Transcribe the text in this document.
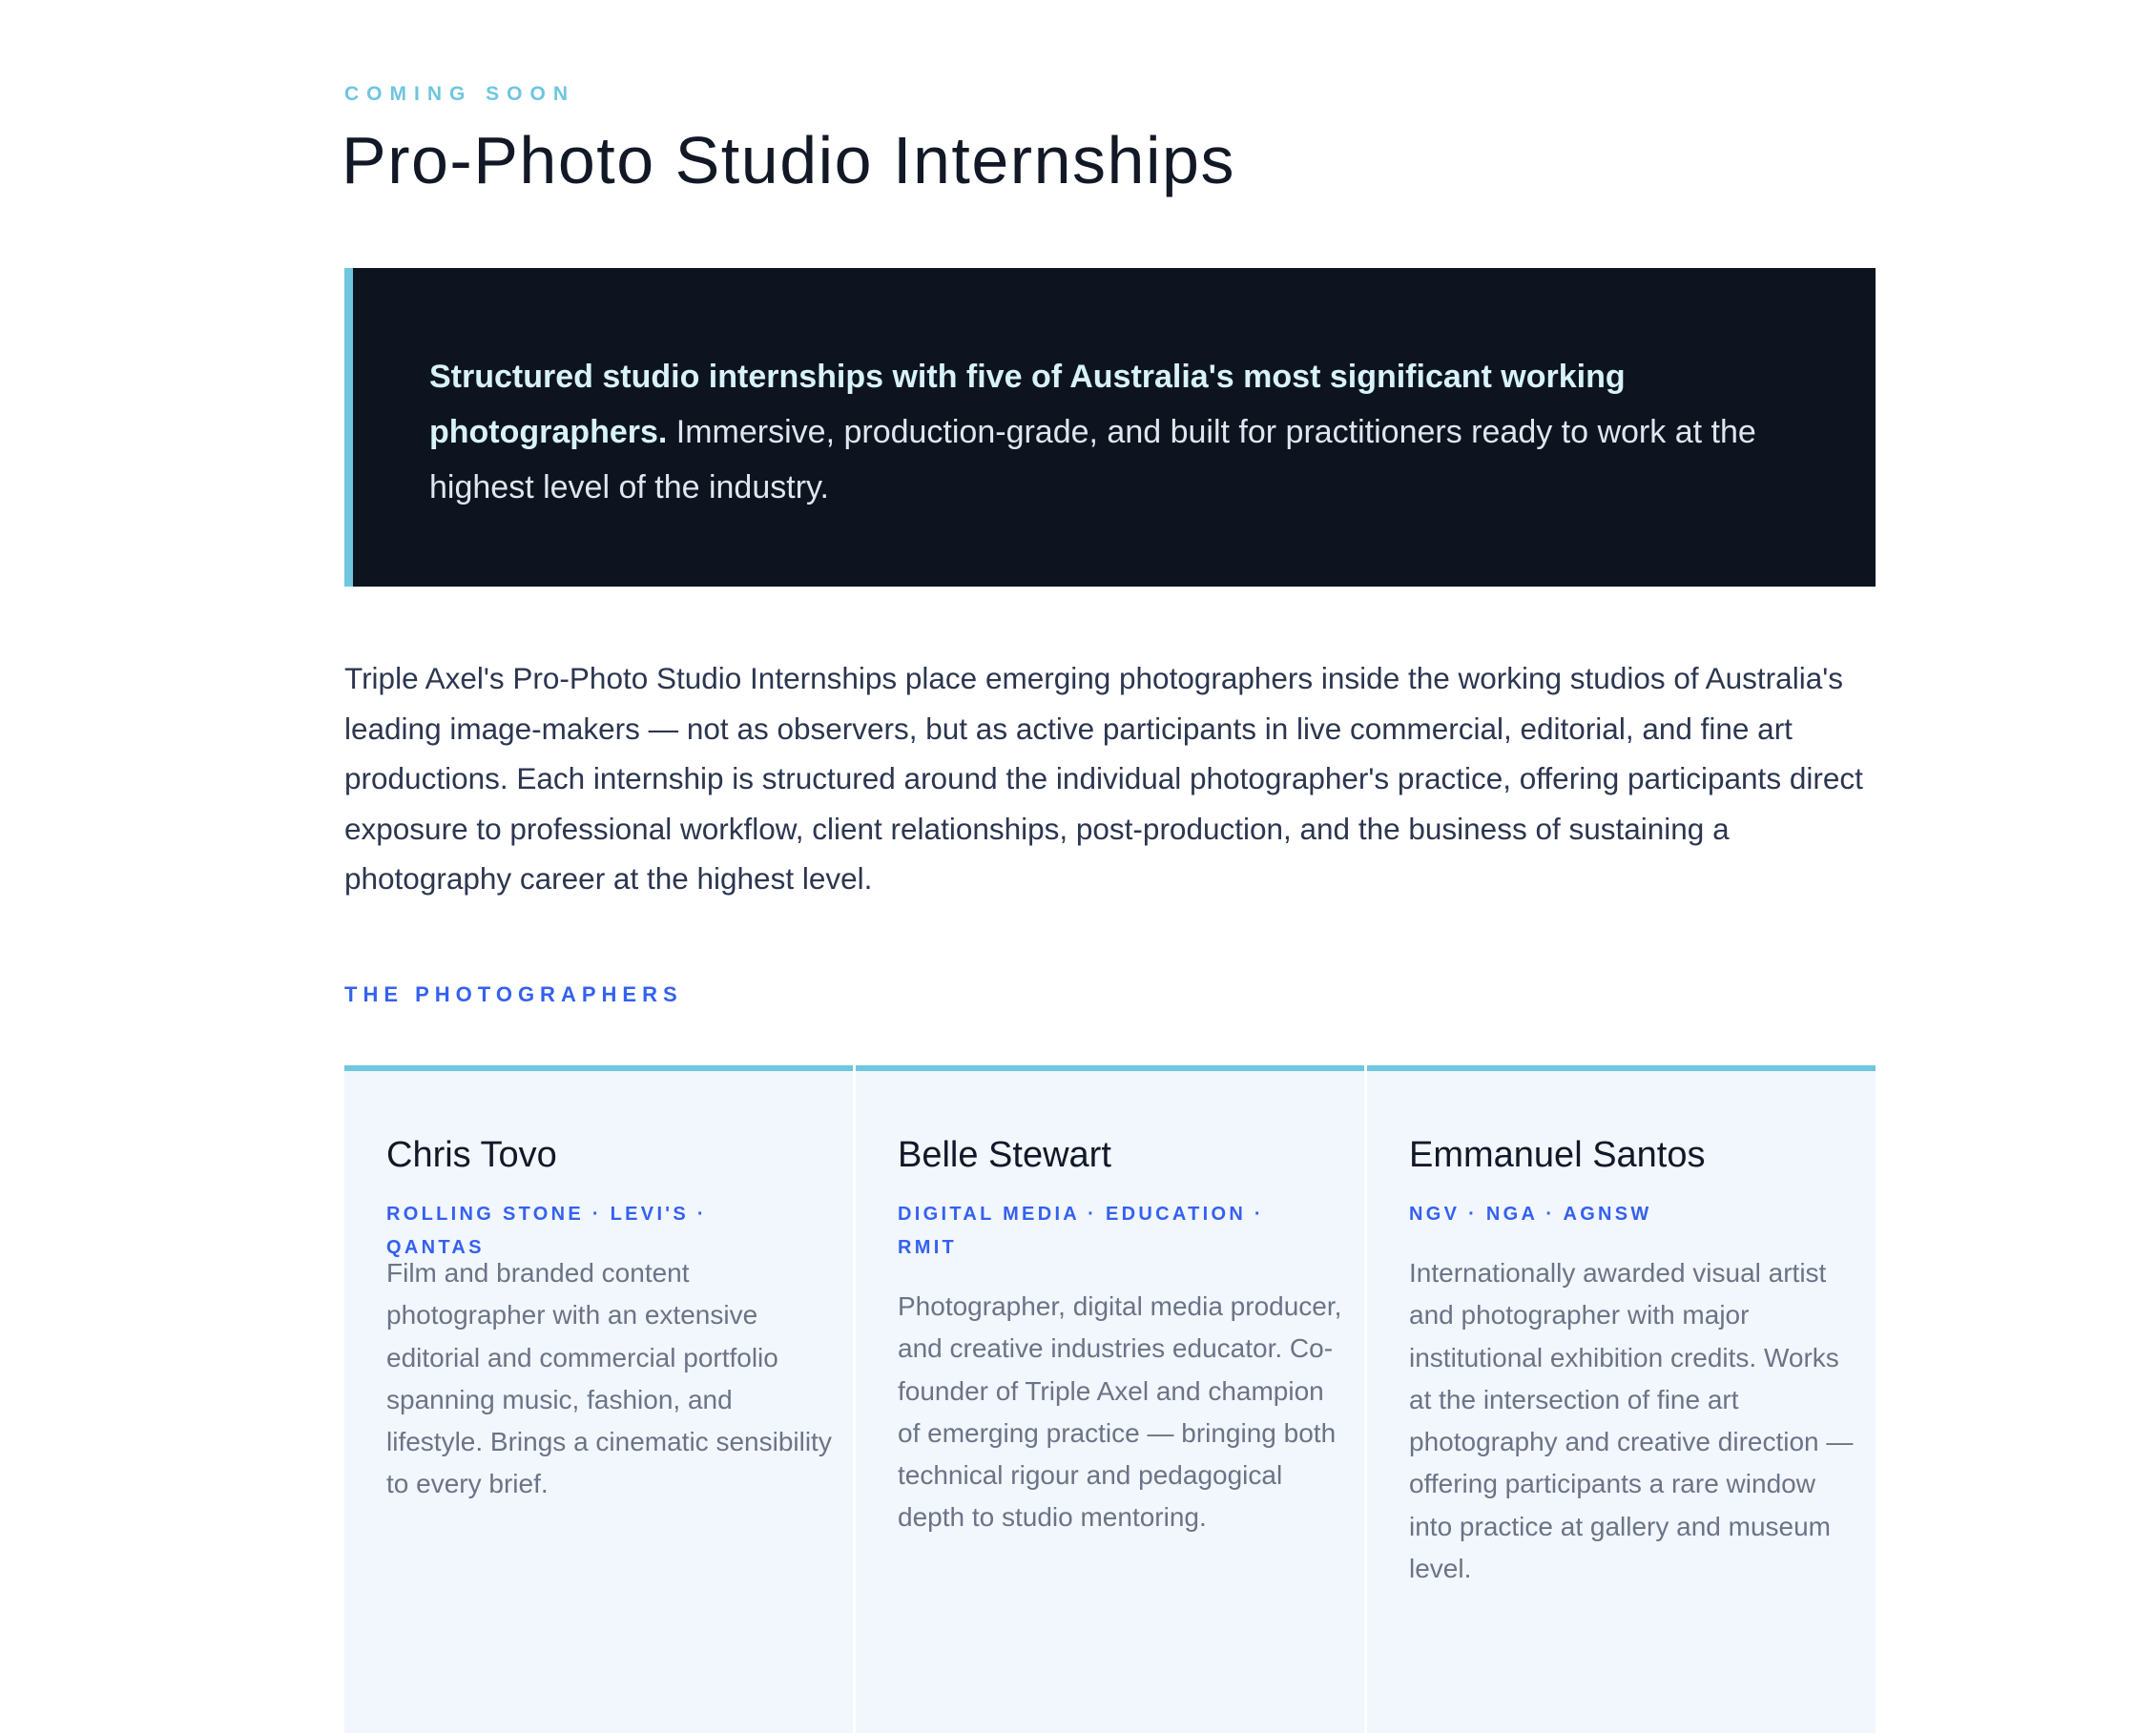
COMING SOON
Pro-Photo Studio Internships

Structured studio internships with five of Australia's most significant working photographers. Immersive, production-grade, and built for practitioners ready to work at the highest level of the industry.

Triple Axel's Pro-Photo Studio Internships place emerging photographers inside the working studios of Australia's leading image-makers — not as observers, but as active participants in live commercial, editorial, and fine art productions. Each internship is structured around the individual photographer's practice, offering participants direct exposure to professional workflow, client relationships, post-production, and the business of sustaining a photography career at the highest level.

THE PHOTOGRAPHERS
Chris Tovo
ROLLING STONE · LEVI'S · QANTAS

Film and branded content photographer with an extensive editorial and commercial portfolio spanning music, fashion, and lifestyle. Brings a cinematic sensibility to every brief.

Belle Stewart
DIGITAL MEDIA · EDUCATION · RMIT

Photographer, digital media producer, and creative industries educator. Co-founder of Triple Axel and champion of emerging practice — bringing both technical rigour and pedagogical depth to studio mentoring.

Emmanuel Santos
NGV · NGA · AGNSW

Internationally awarded visual artist and photographer with major institutional exhibition credits. Works at the intersection of fine art photography and creative direction — offering participants a rare window into practice at gallery and museum level.
